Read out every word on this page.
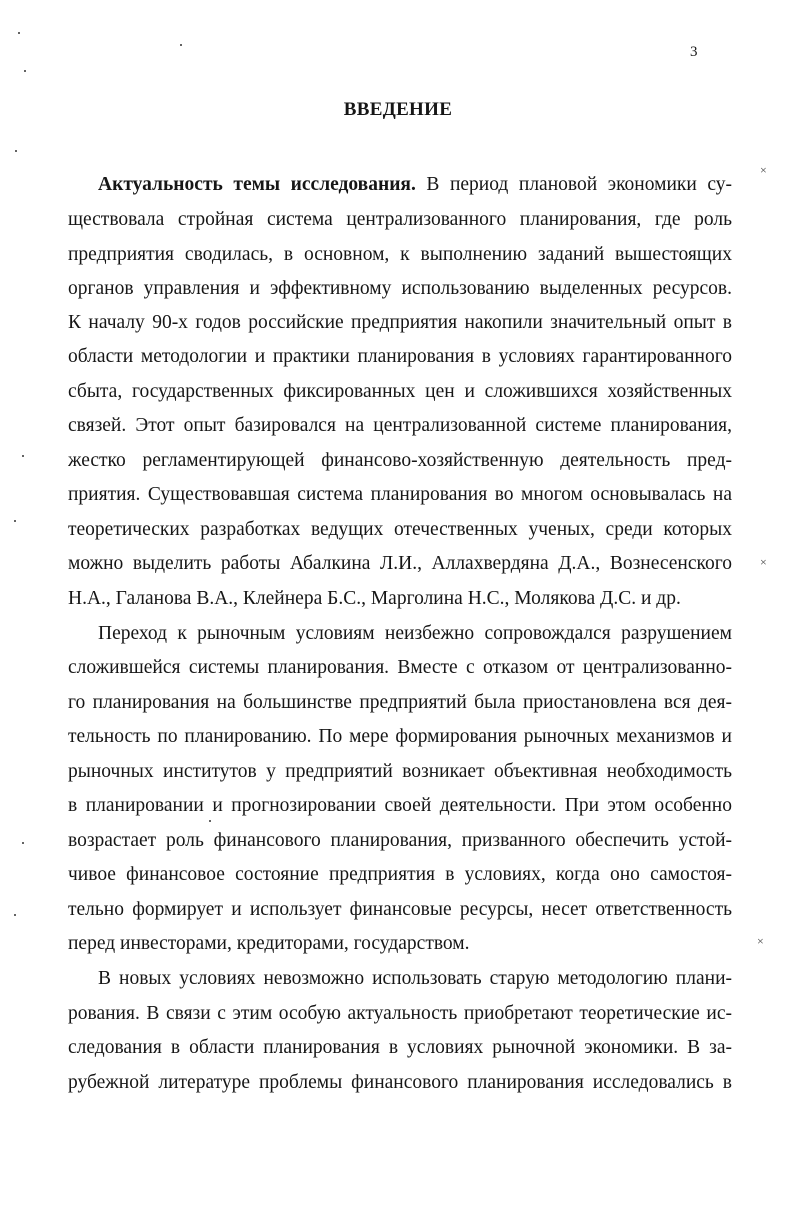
3
ВВЕДЕНИЕ
Актуальность темы исследования. В период плановой экономики су-
ществовала стройная система централизованного планирования, где роль
предприятия сводилась, в основном, к выполнению заданий вышестоящих
органов управления и эффективному использованию выделенных ресурсов.
К началу 90-х годов российские предприятия накопили значительный опыт в
области методологии и практики планирования в условиях гарантированного
сбыта, государственных фиксированных цен и сложившихся хозяйственных
связей. Этот опыт базировался на централизованной системе планирования,
жестко регламентирующей финансово-хозяйственную деятельность пред-
приятия. Существовавшая система планирования во многом основывалась на
теоретических разработках ведущих отечественных ученых, среди которых
можно выделить работы Абалкина Л.И., Аллахвердяна Д.А., Вознесенского
Н.А., Галанова В.А., Клейнера Б.С., Марголина Н.С., Молякова Д.С. и др.
Переход к рыночным условиям неизбежно сопровождался разрушением
сложившейся системы планирования. Вместе с отказом от централизованно-
го планирования на большинстве предприятий была приостановлена вся дея-
тельность по планированию. По мере формирования рыночных механизмов и
рыночных институтов у предприятий возникает объективная необходимость
в планировании и прогнозировании своей деятельности. При этом особенно
возрастает роль финансового планирования, призванного обеспечить устой-
чивое финансовое состояние предприятия в условиях, когда оно самостоя-
тельно формирует и использует финансовые ресурсы, несет ответственность
перед инвесторами, кредиторами, государством.
В новых условиях невозможно использовать старую методологию плани-
рования. В связи с этим особую актуальность приобретают теоретические ис-
следования в области планирования в условиях рыночной экономики. В за-
рубежной литературе проблемы финансового планирования исследовались в
×
×
×
